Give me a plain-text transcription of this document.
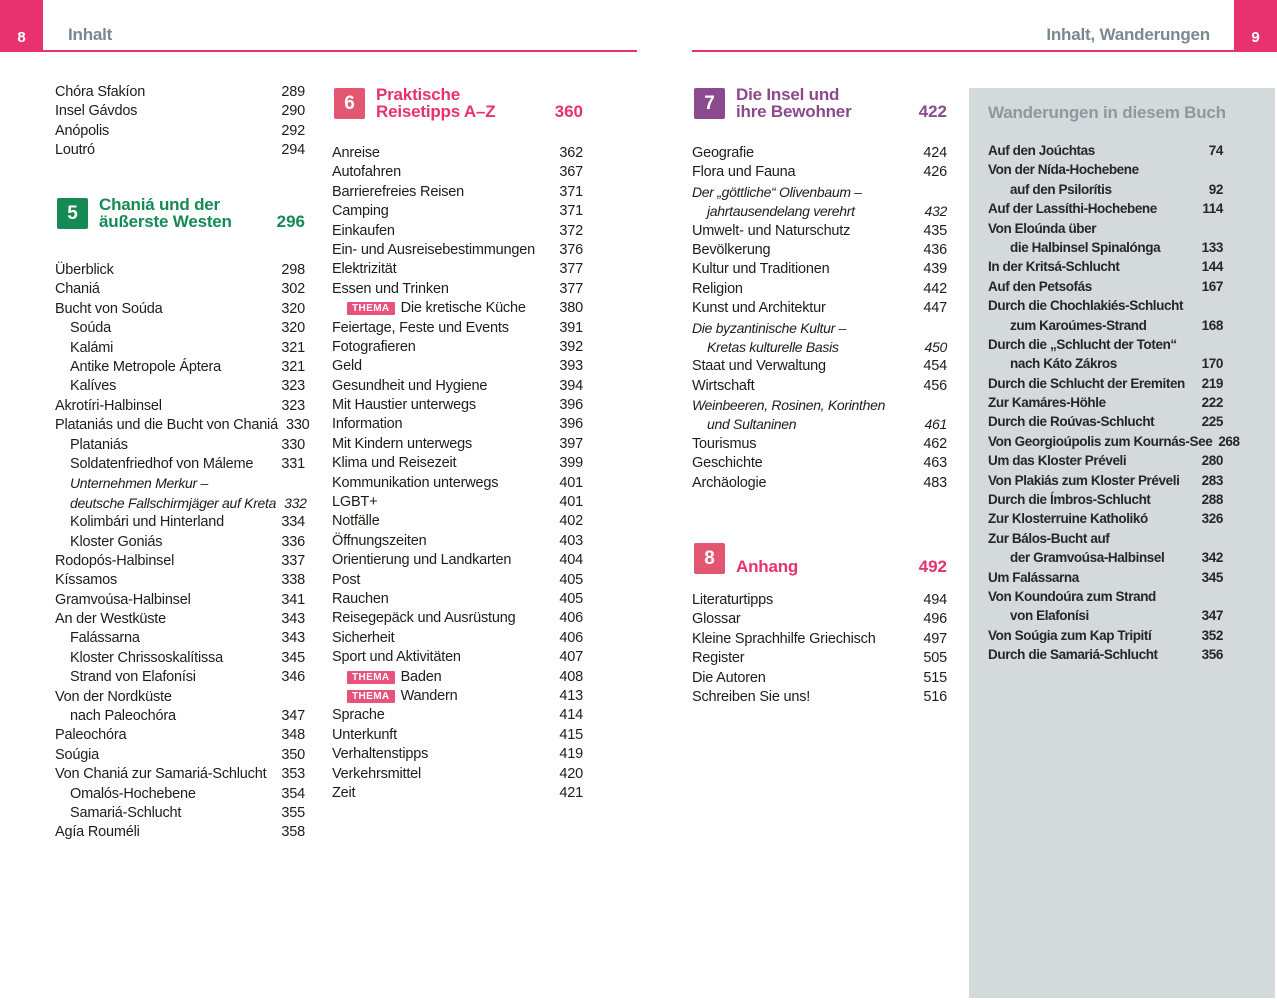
8	Inhalt	Inhalt, Wanderungen	9
Chóra Sfakíon	289
Insel Gávdos	290
Anópolis	292
Loutró	294
5	Chaniá und der
äußerste Westen	296
Überblick	298
Chaniá	302
Bucht von Soúda	320
Soúda	320
Kalámi	321
Antike Metropole Áptera	321
Kalíves	323
Akrotíri-Halbinsel	323
Plataniás und die Bucht von Chaniá 330
Plataniás	330
Soldatenfriedhof von Máleme	331
Unternehmen Merkur –
deutsche Fallschirmjäger auf Kreta 332
Kolimbári und Hinterland	334
Kloster Goniás	336
Rodopós-Halbinsel	337
Kíssamos	338
Gramvoúsa-Halbinsel	341
An der Westküste	343
Falássarna	343
Kloster Chrissoskalítissa	345
Strand von Elafonísi	346
Von der Nordküste
nach Paleochóra	347
Paleochóra	348
Soúgia	350
Von Chaniá zur Samariá-Schlucht	353
Omalós-Hochebene	354
Samariá-Schlucht	355
Agía Rouméli	358
6	Praktische
Reisetipps A–Z	360
Anreise	362
Autofahren	367
Barrierefreies Reisen	371
Camping	371
Einkaufen	372
Ein- und Ausreisebestimmungen	376
Elektrizität	377
Essen und Trinken	377
THEMA Die kretische Küche	380
Feiertage, Feste und Events	391
Fotografieren	392
Geld	393
Gesundheit und Hygiene	394
Mit Haustier unterwegs	396
Information	396
Mit Kindern unterwegs	397
Klima und Reisezeit	399
Kommunikation unterwegs	401
LGBT+	401
Notfälle	402
Öffnungszeiten	403
Orientierung und Landkarten	404
Post	405
Rauchen	405
Reisegepäck und Ausrüstung	406
Sicherheit	406
Sport und Aktivitäten	407
THEMA Baden	408
THEMA Wandern	413
Sprache	414
Unterkunft	415
Verhaltenstipps	419
Verkehrsmittel	420
Zeit	421
7	Die Insel und
ihre Bewohner	422
Geografie	424
Flora und Fauna	426
Der „göttliche“ Olivenbaum –
jahrtausendelang verehrt	432
Umwelt- und Naturschutz	435
Bevölkerung	436
Kultur und Traditionen	439
Religion	442
Kunst und Architektur	447
Die byzantinische Kultur –
Kretas kulturelle Basis	450
Staat und Verwaltung	454
Wirtschaft	456
Weinbeeren, Rosinen, Korinthen
und Sultaninen	461
Tourismus	462
Geschichte	463
Archäologie	483
8	Anhang	492
Literaturtipps	494
Glossar	496
Kleine Sprachhilfe Griechisch	497
Register	505
Die Autoren	515
Schreiben Sie uns!	516
Wanderungen in diesem Buch
Auf den Joúchtas	74
Von der Nída-Hochebene
auf den Psilorítis	92
Auf der Lassíthi-Hochebene	114
Von Eloúnda über
die Halbinsel Spinalónga	133
In der Kritsá-Schlucht	144
Auf den Petsofás	167
Durch die Chochlakiés-Schlucht
zum Karoúmes-Strand	168
Durch die „Schlucht der Toten“
nach Káto Zákros	170
Durch die Schlucht der Eremiten	219
Zur Kamáres-Höhle	222
Durch die Roúvas-Schlucht	225
Von Georgioúpolis zum Kournás-See 268
Um das Kloster Préveli	280
Von Plakiás zum Kloster Préveli	283
Durch die Ímbros-Schlucht	288
Zur Klosterruine Katholikó	326
Zur Bálos-Bucht auf
der Gramvoúsa-Halbinsel	342
Um Falássarna	345
Von Koundoúra zum Strand
von Elafonísi	347
Von Soúgia zum Kap Tripití	352
Durch die Samariá-Schlucht	356
